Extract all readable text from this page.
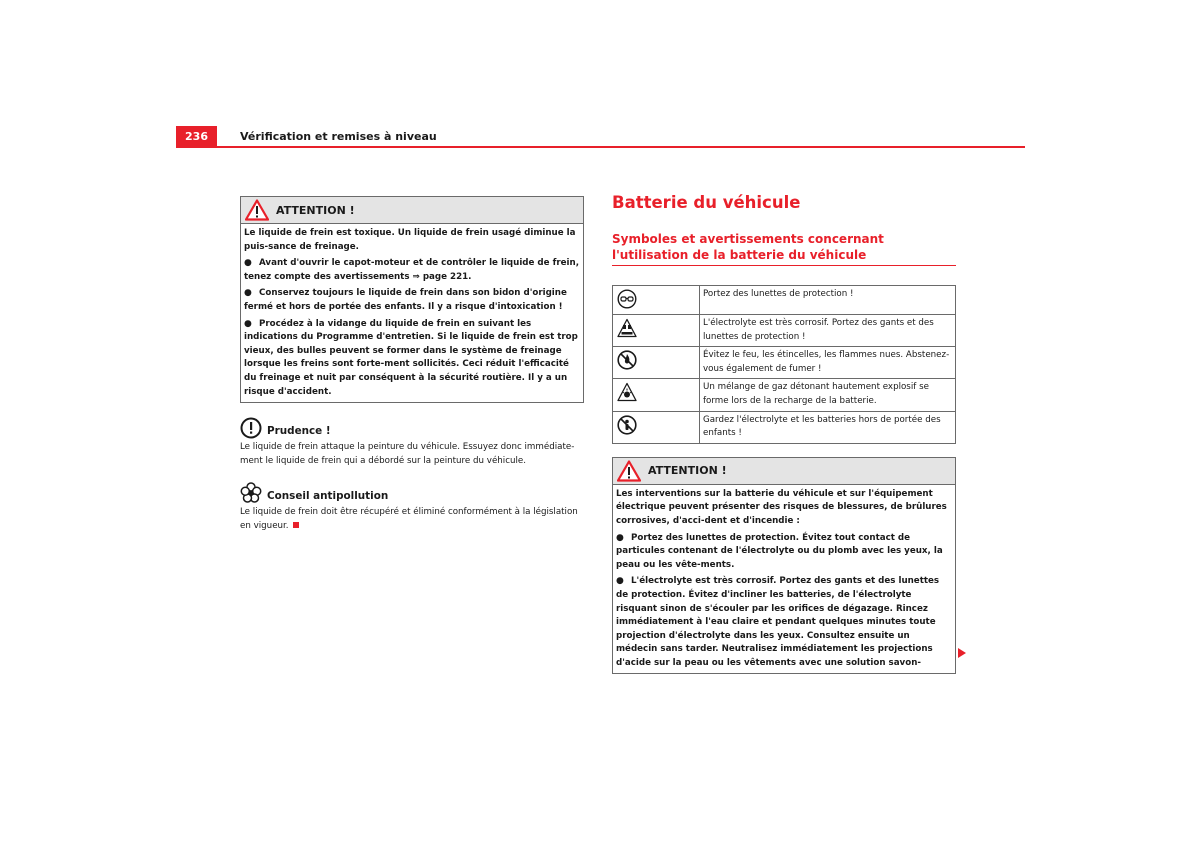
236	Vérification et remises à niveau
ATTENTION !

Le liquide de frein est toxique. Un liquide de frein usagé diminue la puis-sance de freinage.

● Avant d'ouvrir le capot-moteur et de contrôler le liquide de frein, tenez compte des avertissements ⇒ page 221.

● Conservez toujours le liquide de frein dans son bidon d'origine fermé et hors de portée des enfants. Il y a risque d'intoxication !

● Procédez à la vidange du liquide de frein en suivant les indications du Programme d'entretien. Si le liquide de frein est trop vieux, des bulles peuvent se former dans le système de freinage lorsque les freins sont forte-ment sollicités. Ceci réduit l'efficacité du freinage et nuit par conséquent à la sécurité routière. Il y a un risque d'accident.

Prudence !
Le liquide de frein attaque la peinture du véhicule. Essuyez donc immédiate-ment le liquide de frein qui a débordé sur la peinture du véhicule.
Conseil antipollution
Le liquide de frein doit être récupéré et éliminé conformément à la législation en vigueur.
Batterie du véhicule
Symboles et avertissements concernant l'utilisation de la batterie du véhicule
	Portez des lunettes de protection !
	L'électrolyte est très corrosif. Portez des gants et des lunettes de protection !
	Évitez le feu, les étincelles, les flammes nues. Abstenez-vous également de fumer !
	Un mélange de gaz détonant hautement explosif se forme lors de la recharge de la batterie.
	Gardez l'électrolyte et les batteries hors de portée des enfants !
ATTENTION !

Les interventions sur la batterie du véhicule et sur l'équipement électrique peuvent présenter des risques de blessures, de brûlures corrosives, d'acci-dent et d'incendie :

● Portez des lunettes de protection. Évitez tout contact de particules contenant de l'électrolyte ou du plomb avec les yeux, la peau ou les vête-ments.

● L'électrolyte est très corrosif. Portez des gants et des lunettes de protection. Évitez d'incliner les batteries, de l'électrolyte risquant sinon de s'écouler par les orifices de dégazage. Rincez immédiatement à l'eau claire et pendant quelques minutes toute projection d'électrolyte dans les yeux. Consultez ensuite un médecin sans tarder. Neutralisez immédiatement les projections d'acide sur la peau ou les vêtements avec une solution savon-
